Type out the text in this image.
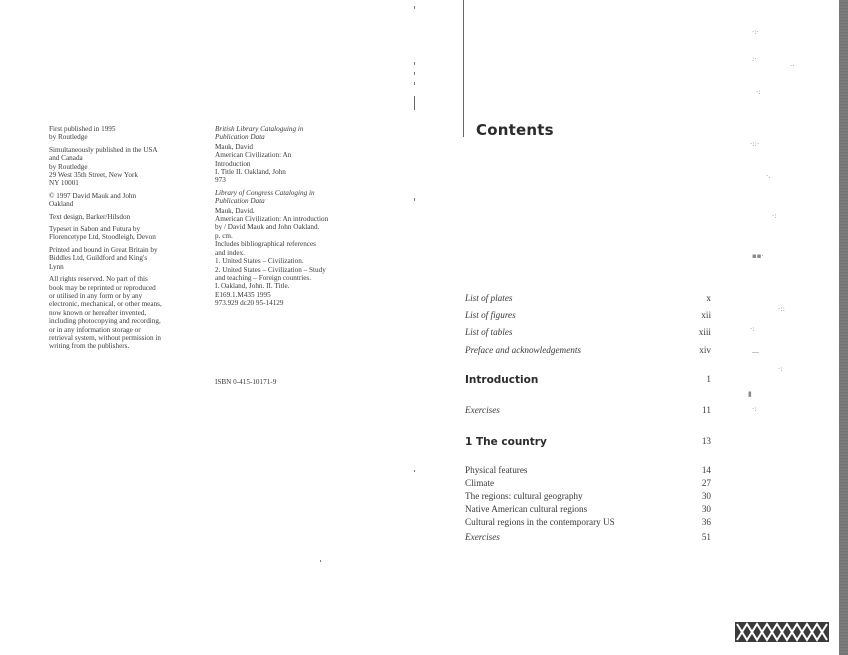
First published in 1995
by Routledge

Simultaneously published in the USA
and Canada
by Routledge
29 West 35th Street, New York
NY 10001

© 1997 David Mauk and John
Oakland

Text design, Barker/Hilsdon

Typeset in Sabon and Futura by
Florencetype Ltd, Stoodleigh, Devon

Printed and bound in Great Britain by
Biddles Ltd, Guildford and King's
Lynn

All rights reserved. No part of this
book may be reprinted or reproduced
or utilised in any form or by any
electronic, mechanical, or other means,
now known or hereafter invented,
including photocopying and recording,
or in any information storage or
retrieval system, without permission in
writing from the publishers.

British Library Cataloguing in
Publication Data

Mauk, David
American Civilization: An
Introduction
I. Title II. Oakland, John
973

Library of Congress Cataloging in
Publication Data

Mauk, David.
American Civilization: An introduction
by / David Mauk and John Oakland.
p. cm.
Includes bibliographical references
and index.
1. United States – Civilization.
2. United States – Civilization – Study
and teaching – Foreign countries.
I. Oakland, John. II. Title.
E169.1.M435 1995
973.929 dc20 95-14129

ISBN 0-415-10171-9
Contents
List of plates	x
List of figures	xii
List of tables	xiii
Preface and acknowledgements	xiv
Introduction	1
Exercises	11
1 The country	13
Physical features	14
Climate	27
The regions: cultural geography	30
Native American cultural regions	30
Cultural regions in the contemporary US	36
Exercises	51
·:·
:·
··
·:
·::·
·.
·:
▪▪·
·::
·:
―
·:
▮
·:
